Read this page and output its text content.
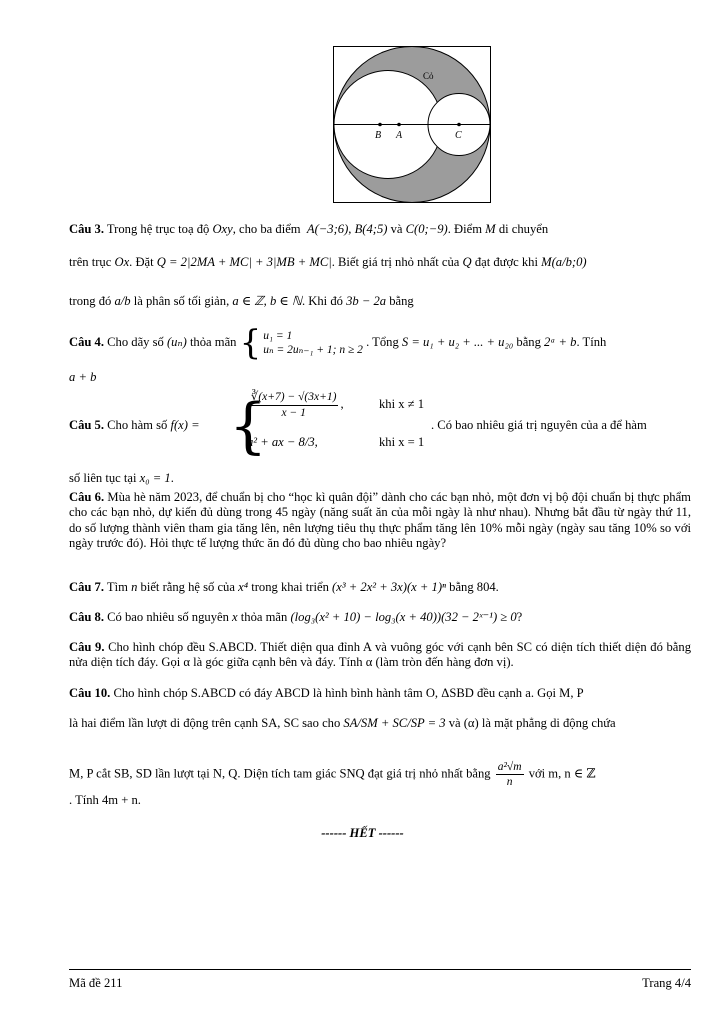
Cỏ
B A	C
Câu 3. Trong hệ trục toạ độ Oxy, cho ba điểm A(−3;6), B(4;5) và C(0;−9). Điểm M di chuyển
trên trục Ox. Đặt Q = 2|2MA + MC| + 3|MB + MC|. Biết giá trị nhỏ nhất của Q đạt được khi M(a/b;0)
trong đó a/b là phân số tối giản, a ∈ ℤ, b ∈ ℕ. Khi đó 3b − 2a bằng
Câu 4. Cho dãy số (uₙ) thỏa mãn { u₁ = 1
uₙ = 2uₙ₋₁ + 1; n ≥ 2
. Tổng S = u₁ + u₂ + ... + u₂₀ bằng 2ᵃ + b. Tính
a + b
Câu 5. Cho hàm số f(x) = {
$\frac{∛(x+7) - √(3x+1)}{x - 1}$ ,	khi x ≠ 1
a² + ax − 8/3,	khi x = 1
. Có bao nhiêu giá trị nguyên của a để hàm
số liên tục tại x₀ = 1.
Câu 6. Mùa hè năm 2023, để chuẩn bị cho “học kì quân đội” dành cho các bạn nhỏ, một đơn vị bộ đội chuẩn bị thực phẩm cho các bạn nhỏ, dự kiến đủ dùng trong 45 ngày (năng suất ăn của mỗi ngày là như nhau). Nhưng bắt đầu từ ngày thứ 11, do số lượng thành viên tham gia tăng lên, nên lượng tiêu thụ thực phẩm tăng lên 10% mỗi ngày (ngày sau tăng 10% so với ngày trước đó). Hỏi thực tế lượng thức ăn đó đủ dùng cho bao nhiêu ngày?
Câu 7. Tìm n biết rằng hệ số của x⁴ trong khai triển (x³ + 2x² + 3x)(x + 1)ⁿ bằng 804.
Câu 8. Có bao nhiêu số nguyên x thỏa mãn (log₃(x² + 10) − log₃(x + 40))(32 − 2ˣ⁻¹) ≥ 0?
Câu 9. Cho hình chóp đều S.ABCD. Thiết diện qua đỉnh A và vuông góc với cạnh bên SC có diện tích thiết diện đó bằng nửa diện tích đáy. Gọi α là góc giữa cạnh bên và đáy. Tính α (làm tròn đến hàng đơn vị).
Câu 10. Cho hình chóp S.ABCD có đáy ABCD là hình bình hành tâm O, ΔSBD đều cạnh a. Gọi M, P
là hai điểm lần lượt di động trên cạnh SA, SC sao cho SA/SM + SC/SP = 3 và (α) là mặt phẳng di động chứa
M, P cắt SB, SD lần lượt tại N, Q. Diện tích tam giác SNQ đạt giá trị nhỏ nhất bằng $\frac{\text{a²√m}}{n}$ với m, n ∈ ℤ
. Tính 4m + n.
------ HẾT ------
Mã đề 211	Trang 4/4
